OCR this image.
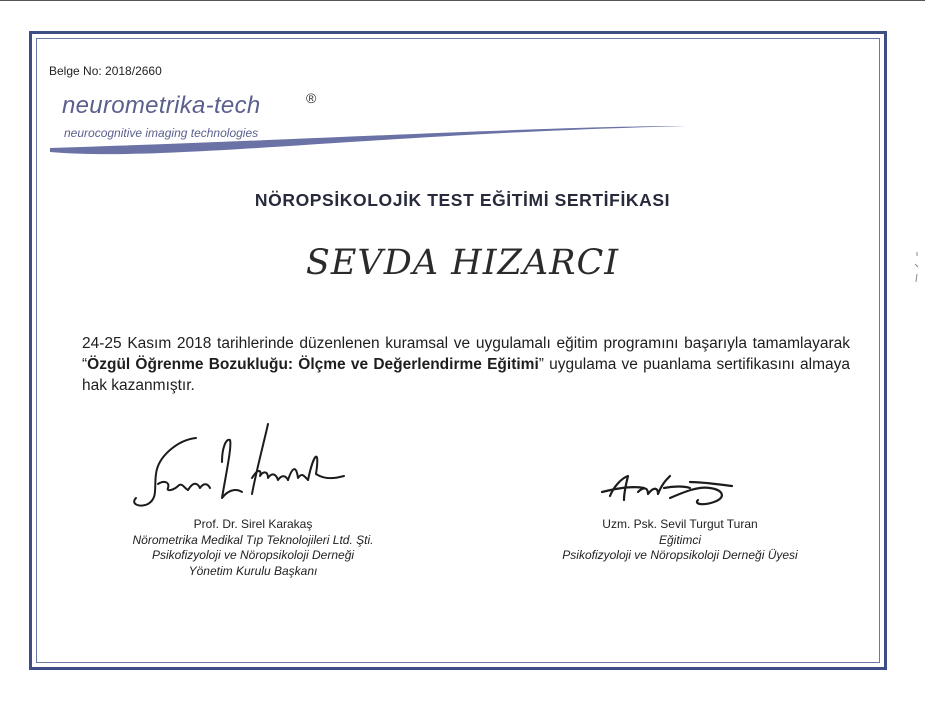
Belge No: 2018/2660
neurometrika-tech	®
neurocognitive imaging technologies
NÖROPSİKOLOJİK TEST EĞİTİMİ SERTİFİKASI
SEVDA HIZARCI
24-25 Kasım 2018 tarihlerinde düzenlenen kuramsal ve uygulamalı eğitim programını başarıyla tamamlayarak “Özgül Öğrenme Bozukluğu: Ölçme ve Değerlendirme Eğitimi” uygulama ve puanlama sertifikasını almaya hak kazanmıştır.
Prof. Dr. Sirel Karakaş
Nörometrika Medikal Tıp Teknolojileri Ltd. Şti.
Psikofizyoloji ve Nöropsikoloji Derneği
Yönetim Kurulu Başkanı
Uzm. Psk. Sevil Turgut Turan
Eğitimci
Psikofizyoloji ve Nöropsikoloji Derneği Üyesi
